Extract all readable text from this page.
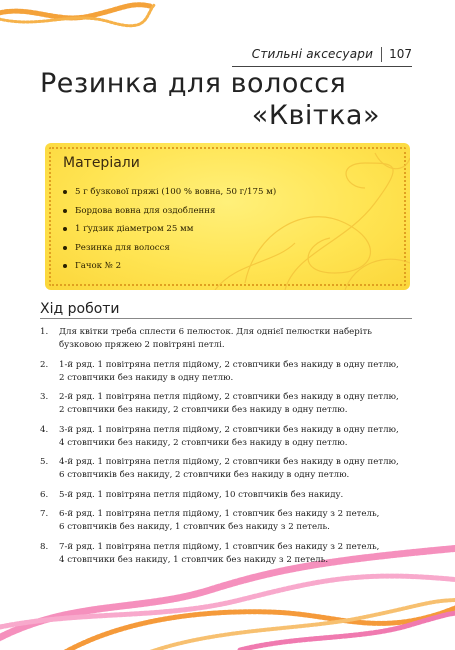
Стильні аксесуари 107
Резинка для волосся
«Квітка»
Матеріали
5 г бузкової пряжі (100 % вовна, 50 г/175 м)
Бордова вовна для оздоблення
1 ґудзик діаметром 25 мм
Резинка для волосся
Гачок № 2
Хід роботи
1.	Для квітки треба сплести 6 пелюсток. Для однієї пелюстки наберіть
бузковою пряжею 2 повітряні петлі.
2.	1-й ряд. 1 повітряна петля підйому, 2 стовпчики без накиду в одну петлю,
2 стовпчики без накиду в одну петлю.
3.	2-й ряд. 1 повітряна петля підйому, 2 стовпчики без накиду в одну петлю,
2 стовпчики без накиду, 2 стовпчики без накиду в одну петлю.
4.	3-й ряд. 1 повітряна петля підйому, 2 стовпчики без накиду в одну петлю,
4 стовпчики без накиду, 2 стовпчики без накиду в одну петлю.
5.	4-й ряд. 1 повітряна петля підйому, 2 стовпчики без накиду в одну петлю,
6 стовпчиків без накиду, 2 стовпчики без накиду в одну петлю.
6.	5-й ряд. 1 повітряна петля підйому, 10 стовпчиків без накиду.
7.	6-й ряд. 1 повітряна петля підйому, 1 стовпчик без накиду з 2 петель,
6 стовпчиків без накиду, 1 стовпчик без накиду з 2 петель.
8.	7-й ряд. 1 повітряна петля підйому, 1 стовпчик без накиду з 2 петель,
4 стовпчики без накиду, 1 стовпчик без накиду з 2 петель.
